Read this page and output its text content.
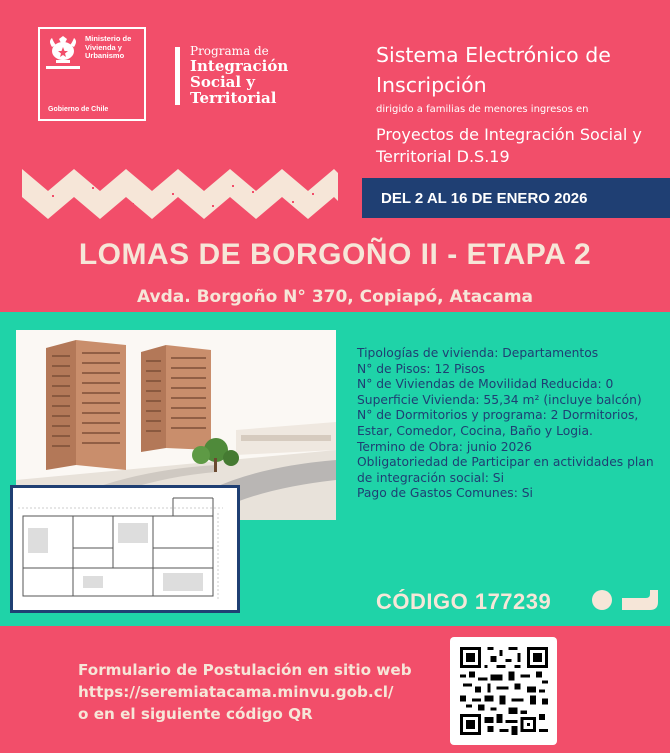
Ministerio de Vivienda y Urbanismo
Gobierno de Chile
Programa de
Integración Social y Territorial
Sistema Electrónico de Inscripción
dirigido a familias de menores ingresos en
Proyectos de Integración Social y Territorial D.S.19
DEL 2 AL 16 DE ENERO 2026
LOMAS DE BORGOÑO II - ETAPA 2
Avda. Borgoño N° 370, Copiapó, Atacama
Tipologías de vivienda: Departamentos
N° de Pisos: 12 Pisos
N° de Viviendas de Movilidad Reducida: 0
Superficie Vivienda: 55,34 m² (incluye balcón)
N° de Dormitorios y programa: 2 Dormitorios, Estar, Comedor, Cocina, Baño y Logia.
Termino de Obra: junio 2026
Obligatoriedad de Participar en actividades plan de integración social: Si
Pago de Gastos Comunes: Si
CÓDIGO 177239
Formulario de Postulación en sitio web
https://seremiatacama.minvu.gob.cl/
o en el siguiente código QR
